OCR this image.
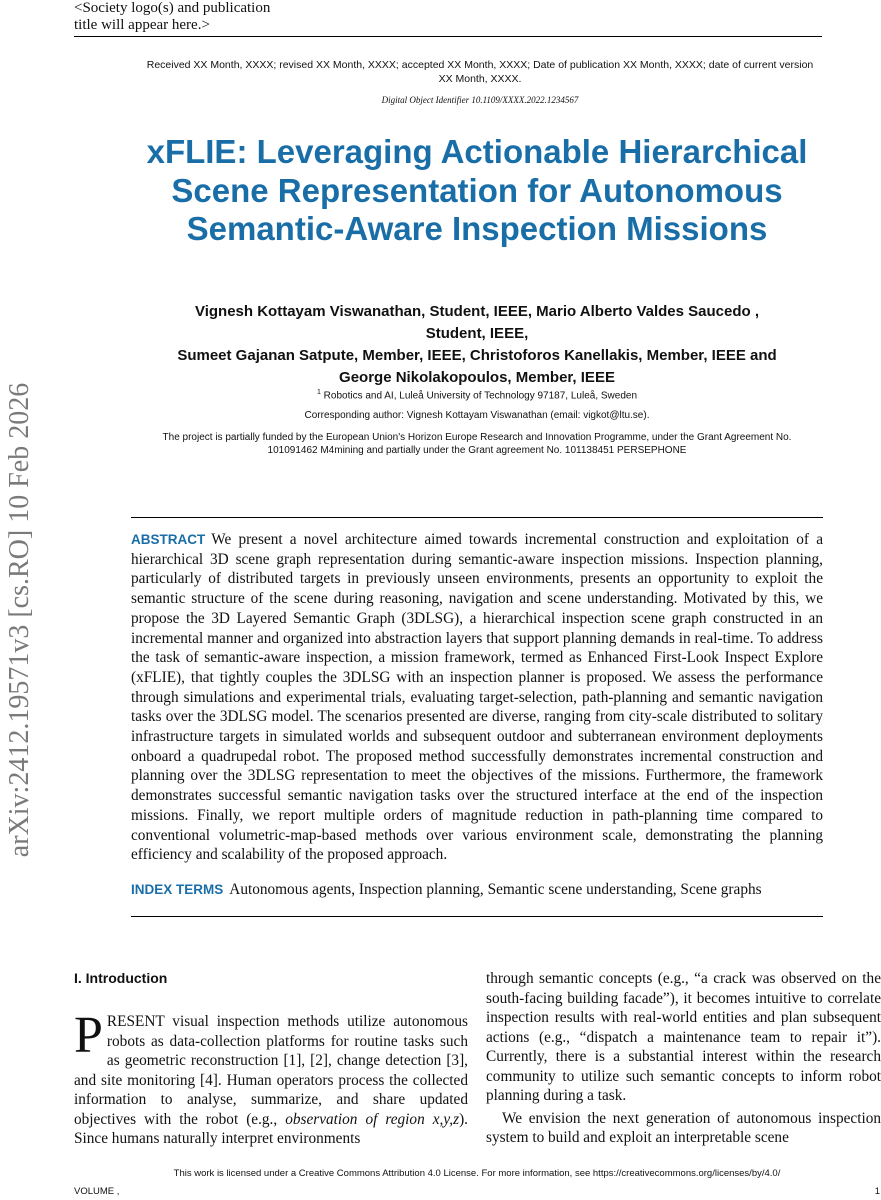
<Society logo(s) and publication title will appear here.>
Received XX Month, XXXX; revised XX Month, XXXX; accepted XX Month, XXXX; Date of publication XX Month, XXXX; date of current version XX Month, XXXX.
Digital Object Identifier 10.1109/XXXX.2022.1234567
xFLIE: Leveraging Actionable Hierarchical Scene Representation for Autonomous Semantic-Aware Inspection Missions
Vignesh Kottayam Viswanathan, Student, IEEE, Mario Alberto Valdes Saucedo ,
Student, IEEE,
Sumeet Gajanan Satpute, Member, IEEE, Christoforos Kanellakis, Member, IEEE and
George Nikolakopoulos, Member, IEEE
$^1$ Robotics and AI, Luleå University of Technology 97187, Luleå, Sweden
Corresponding author: Vignesh Kottayam Viswanathan (email: vigkot@ltu.se).
The project is partially funded by the European Union's Horizon Europe Research and Innovation Programme, under the Grant Agreement No. 101091462 M4mining and partially under the Grant agreement No. 101138451 PERSEPHONE

ABSTRACT We present a novel architecture aimed towards incremental construction and exploitation of a hierarchical 3D scene graph representation during semantic-aware inspection missions. Inspection planning, particularly of distributed targets in previously unseen environments, presents an opportunity to exploit the semantic structure of the scene during reasoning, navigation and scene understanding. Motivated by this, we propose the 3D Layered Semantic Graph (3DLSG), a hierarchical inspection scene graph constructed in an incremental manner and organized into abstraction layers that support planning demands in real-time. To address the task of semantic-aware inspection, a mission framework, termed as Enhanced First-Look Inspect Explore (xFLIE), that tightly couples the 3DLSG with an inspection planner is proposed. We assess the performance through simulations and experimental trials, evaluating target-selection, path-planning and semantic navigation tasks over the 3DLSG model. The scenarios presented are diverse, ranging from city-scale distributed to solitary infrastructure targets in simulated worlds and subsequent outdoor and subterranean environment deployments onboard a quadrupedal robot. The proposed method successfully demonstrates incremental construction and planning over the 3DLSG representation to meet the objectives of the missions. Furthermore, the framework demonstrates successful semantic navigation tasks over the structured interface at the end of the inspection missions. Finally, we report multiple orders of magnitude reduction in path-planning time compared to conventional volumetric-map-based methods over various environment scale, demonstrating the planning efficiency and scalability of the proposed approach.

INDEX TERMS Autonomous agents, Inspection planning, Semantic scene understanding, Scene graphs

arXiv:2412.19571v3 [cs.RO] 10 Feb 2026
I. Introduction

PRESENT visual inspection methods utilize autonomous robots as data-collection platforms for routine tasks such as geometric reconstruction [1], [2], change detection [3], and site monitoring [4]. Human operators process the collected information to analyse, summarize, and share updated objectives with the robot (e.g., observation of region x,y,z). Since humans naturally interpret environments

through semantic concepts (e.g., “a crack was observed on the south-facing building facade”), it becomes intuitive to correlate inspection results with real-world entities and plan subsequent actions (e.g., “dispatch a maintenance team to repair it”). Currently, there is a substantial interest within the research community to utilize such semantic concepts to inform robot planning during a task.

We envision the next generation of autonomous inspection system to build and exploit an interpretable scene

This work is licensed under a Creative Commons Attribution 4.0 License. For more information, see https://creativecommons.org/licenses/by/4.0/
VOLUME ,	1
